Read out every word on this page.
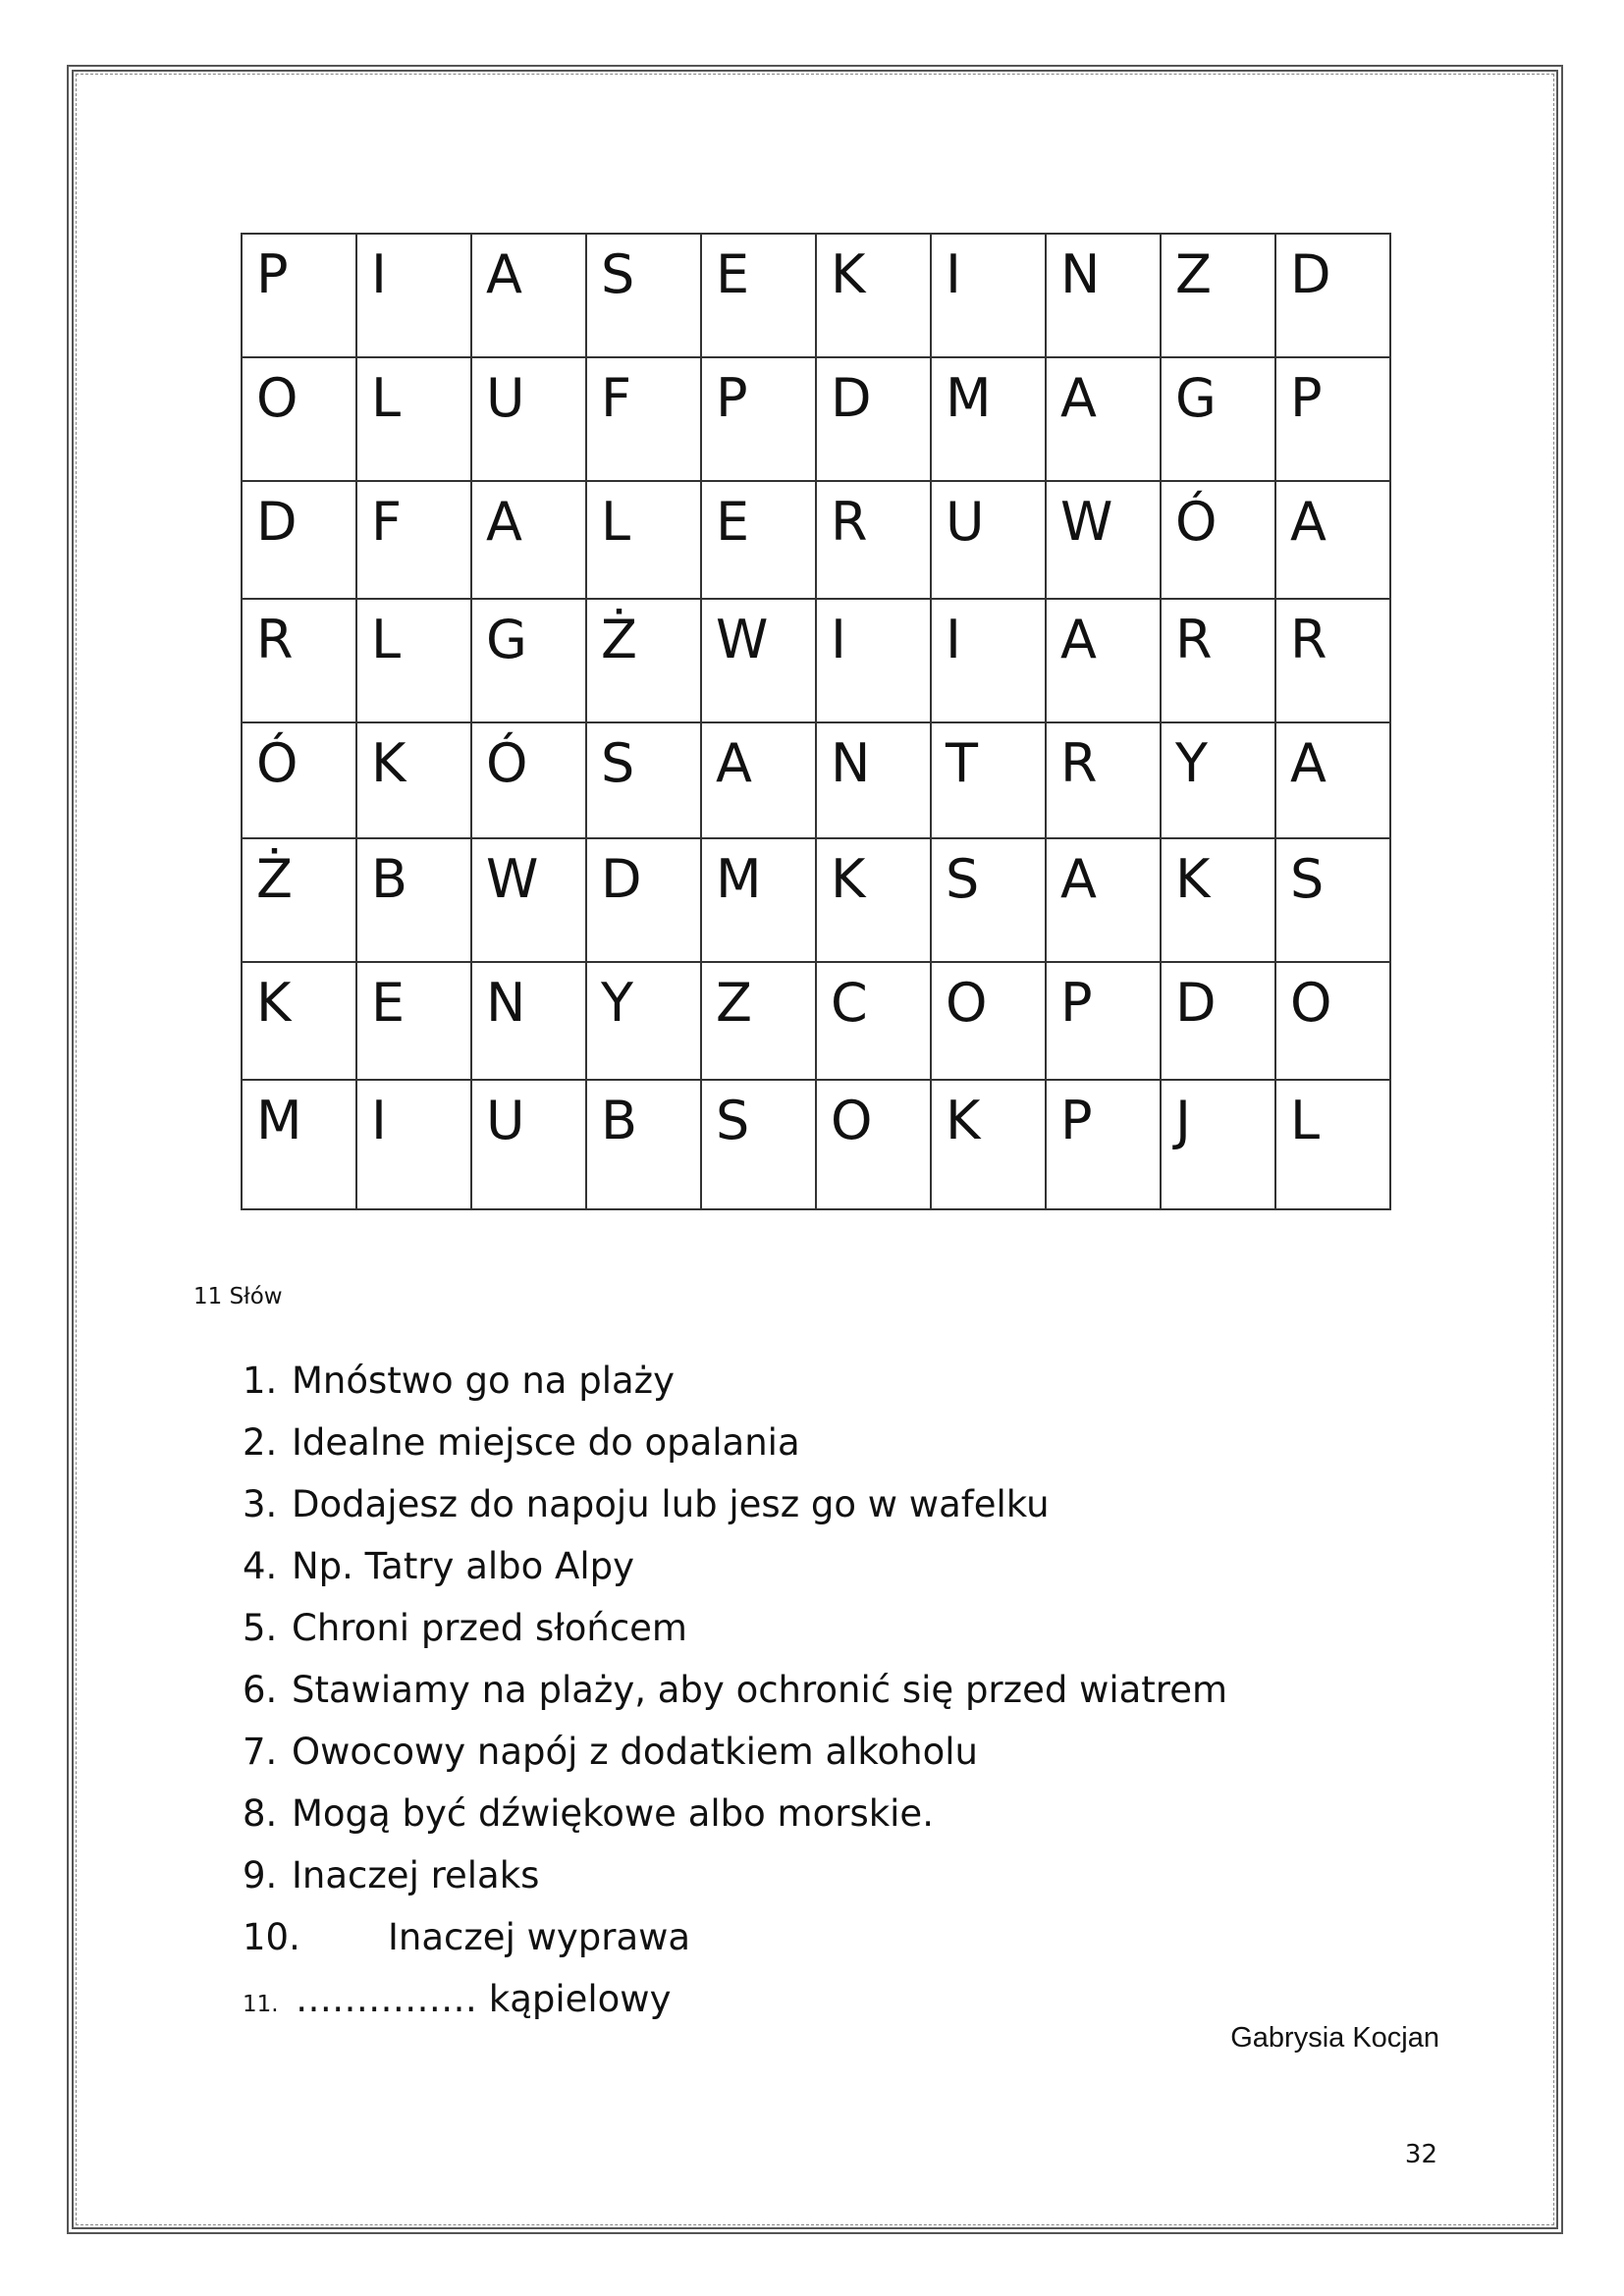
P	I	A	S	E	K	I	N	Z	D
O	L	U	F	P	D	M	A	G	P
D	F	A	L	E	R	U	W	Ó	A
R	L	G	Ż	W	I	I	A	R	R
Ó	K	Ó	S	A	N	T	R	Y	A
Ż	B	W	D	M	K	S	A	K	S
K	E	N	Y	Z	C	O	P	D	O
M	I	U	B	S	O	K	P	J	L
11 Słów
1. Mnóstwo go na plaży
2. Idealne miejsce do opalania
3. Dodajesz do napoju lub jesz go w wafelku
4. Np. Tatry albo Alpy
5. Chroni przed słońcem
6. Stawiamy na plaży, aby ochronić się przed wiatrem
7. Owocowy napój z dodatkiem alkoholu
8. Mogą być dźwiękowe albo morskie.
9. Inaczej relaks
10.	Inaczej wyprawa
11. …………… kąpielowy
Gabrysia Kocjan
32
